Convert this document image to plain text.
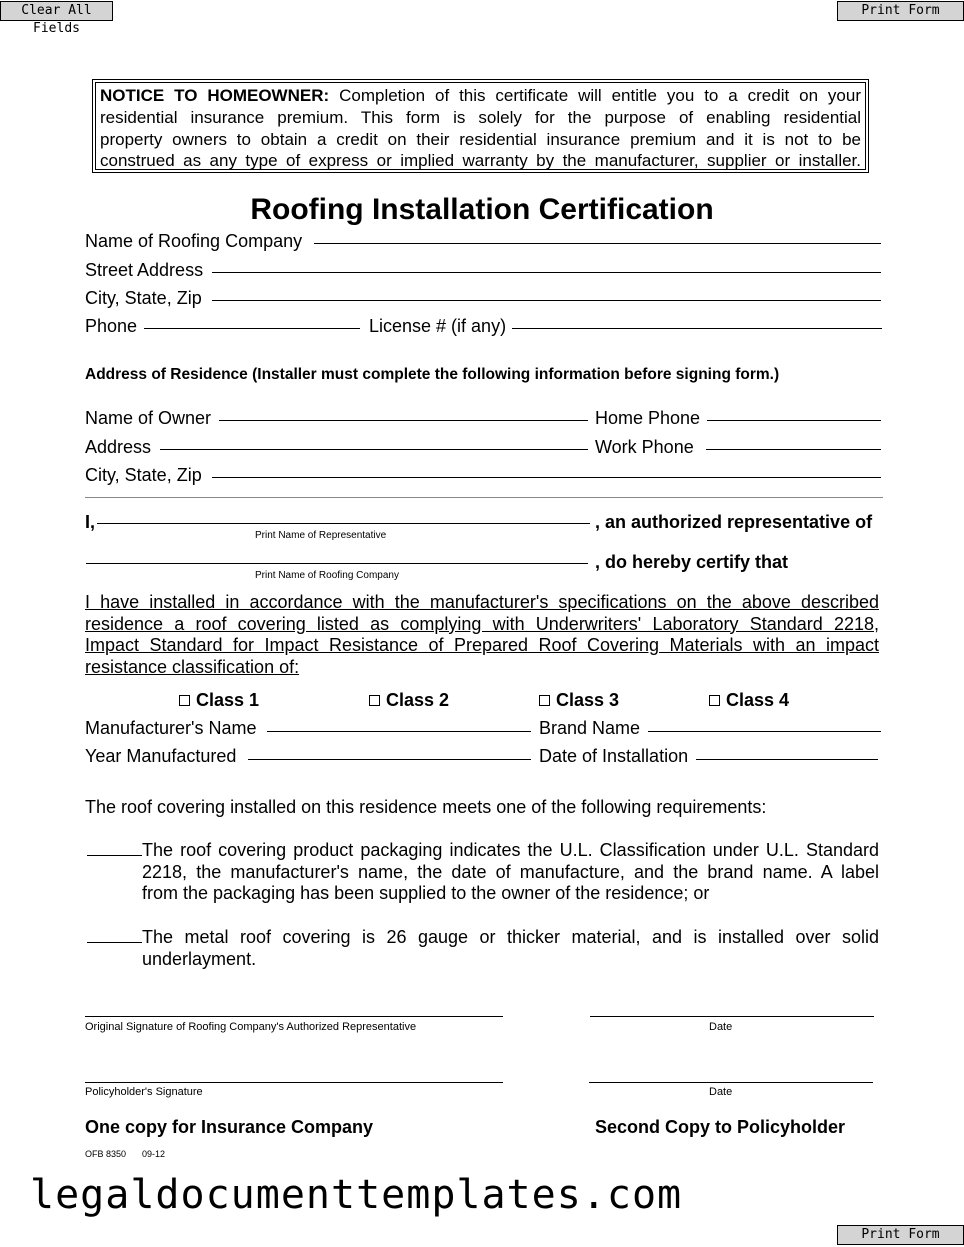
Clear All Fields
Print Form
NOTICE TO HOMEOWNER: Completion of this certificate will entitle you to a credit on your
residential insurance premium. This form is solely for the purpose of enabling residential
property owners to obtain a credit on their residential insurance premium and it is not to be
construed as any type of express or implied warranty by the manufacturer, supplier or installer.
Roofing Installation Certification
Name of Roofing Company
Street Address
City, State, Zip
Phone	License # (if any)
Address of Residence (Installer must complete the following information before signing form.)
Name of Owner	Home Phone
Address	Work Phone
City, State, Zip
I,	, an authorized representative of
Print Name of Representative
, do hereby certify that
Print Name of Roofing Company
I have installed in accordance with the manufacturer's specifications on the above described
residence a roof covering listed as complying with Underwriters' Laboratory Standard 2218,
Impact Standard for Impact Resistance of Prepared Roof Covering Materials with an impact
resistance classification of:
Class 1	Class 2	Class 3	Class 4
Manufacturer's Name	Brand Name
Year Manufactured	Date of Installation
The roof covering installed on this residence meets one of the following requirements:
The roof covering product packaging indicates the U.L. Classification under U.L. Standard
2218, the manufacturer's name, the date of manufacture, and the brand name. A label
from the packaging has been supplied to the owner of the residence; or
The metal roof covering is 26 gauge or thicker material, and is installed over solid
underlayment.
Original Signature of Roofing Company's Authorized Representative	Date
Policyholder's Signature	Date
One copy for Insurance Company	Second Copy to Policyholder
OFB 8350 09-12
legaldocumenttemplates.com
Print Form
